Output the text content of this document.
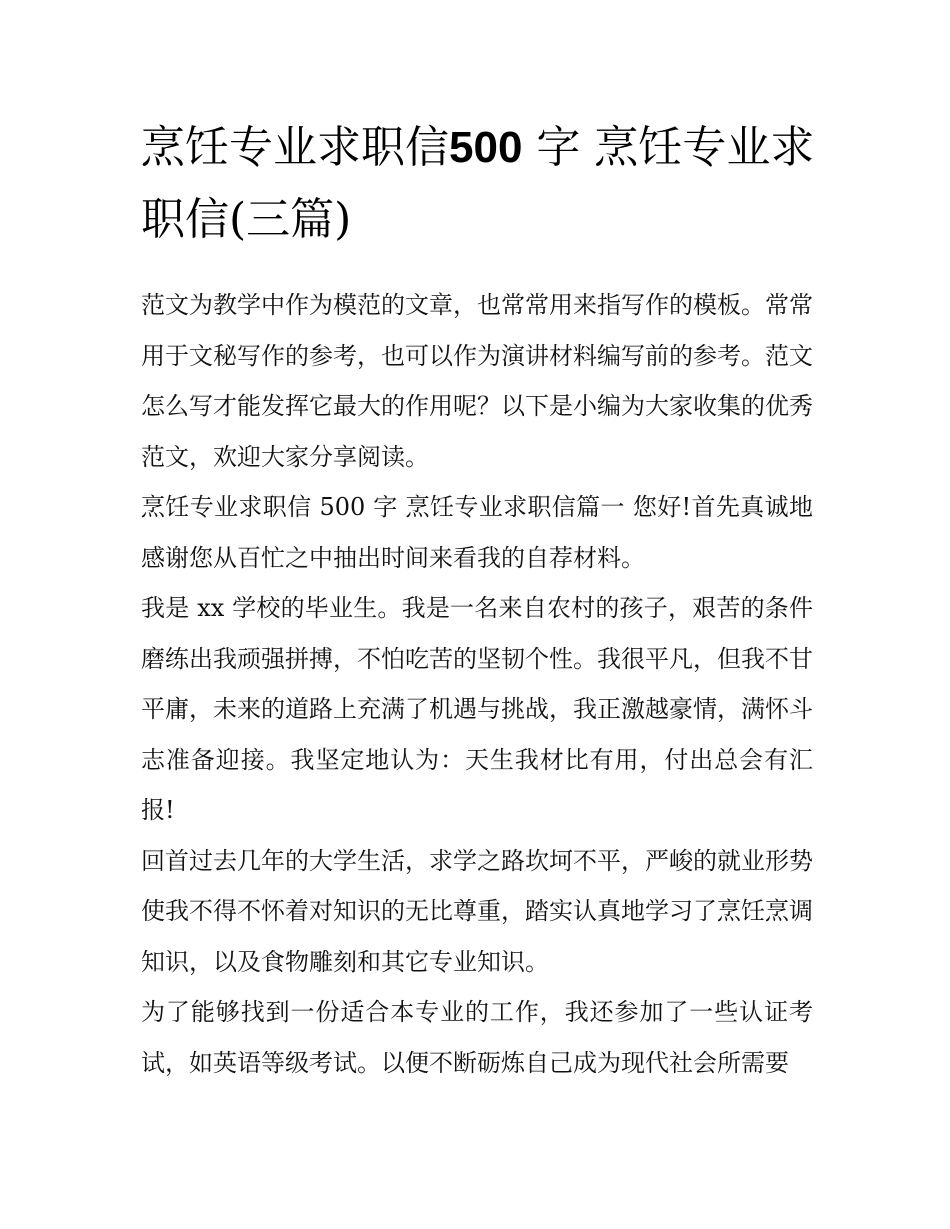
烹饪专业求职信500 字 烹饪专业求职信(三篇)

范文为教学中作为模范的文章，也常常用来指写作的模板。常常用于文秘写作的参考，也可以作为演讲材料编写前的参考。范文怎么写才能发挥它最大的作用呢？以下是小编为大家收集的优秀范文，欢迎大家分享阅读。

烹饪专业求职信 500 字 烹饪专业求职信篇一 您好!首先真诚地感谢您从百忙之中抽出时间来看我的自荐材料。

我是 xx 学校的毕业生。我是一名来自农村的孩子，艰苦的条件磨练出我顽强拼搏，不怕吃苦的坚韧个性。我很平凡，但我不甘平庸，未来的道路上充满了机遇与挑战，我正激越豪情，满怀斗志准备迎接。我坚定地认为：天生我材比有用，付出总会有汇报!

回首过去几年的大学生活，求学之路坎坷不平，严峻的就业形势使我不得不怀着对知识的无比尊重，踏实认真地学习了烹饪烹调知识，以及食物雕刻和其它专业知识。

为了能够找到一份适合本专业的工作，我还参加了一些认证考试，如英语等级考试。以便不断砺炼自己成为现代社会所需要
